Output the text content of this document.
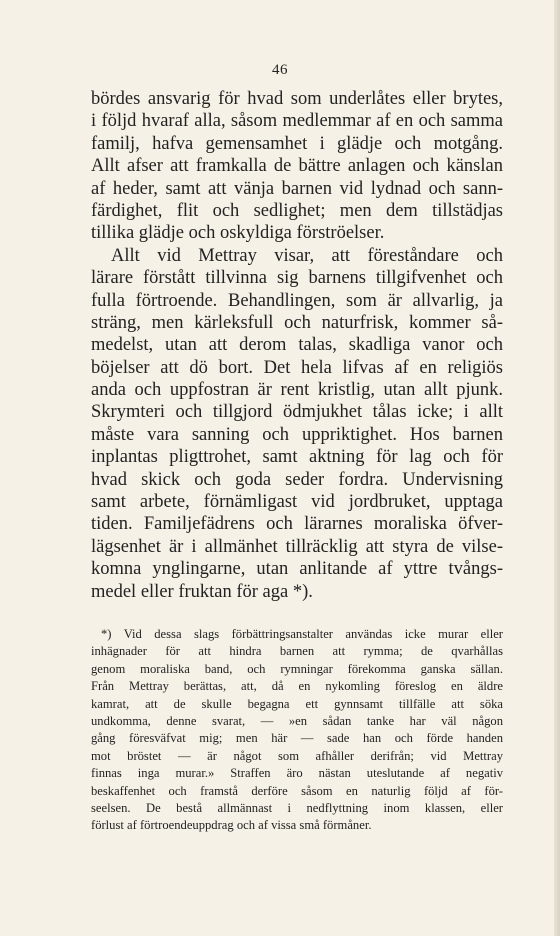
46
bördes ansvarig för hvad som underlåtes eller brytes,
i följd hvaraf alla, såsom medlemmar af en och samma
familj, hafva gemensamhet i glädje och motgång.
Allt afser att framkalla de bättre anlagen och känslan
af heder, samt att vänja barnen vid lydnad och sann-
färdighet, flit och sedlighet; men dem tillstädjas
tillika glädje och oskyldiga förströelser.
Allt vid Mettray visar, att föreståndare och
lärare förstått tillvinna sig barnens tillgifvenhet och
fulla förtroende. Behandlingen, som är allvarlig, ja
sträng, men kärleksfull och naturfrisk, kommer så-
medelst, utan att derom talas, skadliga vanor och
böjelser att dö bort. Det hela lifvas af en religiös
anda och uppfostran är rent kristlig, utan allt pjunk.
Skrymteri och tillgjord ödmjukhet tålas icke; i allt
måste vara sanning och uppriktighet. Hos barnen
inplantas pligttrohet, samt aktning för lag och för
hvad skick och goda seder fordra. Undervisning
samt arbete, förnämligast vid jordbruket, upptaga
tiden. Familjefädrens och lärarnes moraliska öfver-
lägsenhet är i allmänhet tillräcklig att styra de vilse-
komna ynglingarne, utan anlitande af yttre tvångs-
medel eller fruktan för aga *).
*) Vid dessa slags förbättringsanstalter användas icke murar eller
inhägnader för att hindra barnen att rymma; de qvarhållas
genom moraliska band, och rymningar förekomma ganska sällan.
Från Mettray berättas, att, då en nykomling föreslog en äldre
kamrat, att de skulle begagna ett gynnsamt tillfälle att söka
undkomma, denne svarat, — »en sådan tanke har väl någon
gång föresväfvat mig; men här — sade han och förde handen
mot bröstet — är något som afhåller derifrån; vid Mettray
finnas inga murar.» Straffen äro nästan uteslutande af negativ
beskaffenhet och framstå derföre såsom en naturlig följd af för-
seelsen. De bestå allmännast i nedflyttning inom klassen, eller
förlust af förtroendeuppdrag och af vissa små förmåner.
